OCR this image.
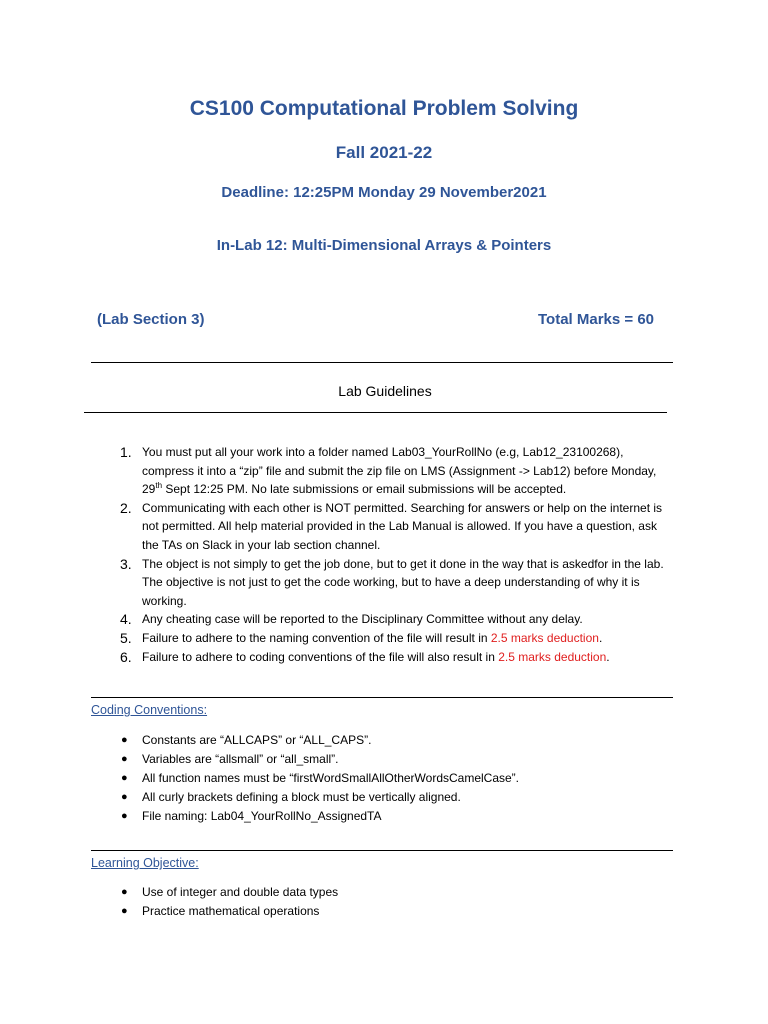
CS100 Computational Problem Solving
Fall 2021-22
Deadline: 12:25PM Monday 29 November2021
In-Lab 12: Multi-Dimensional Arrays & Pointers
(Lab Section 3)	Total Marks = 60
Lab Guidelines
1. You must put all your work into a folder named Lab03_YourRollNo (e.g, Lab12_23100268), compress it into a “zip” file and submit the zip file on LMS (Assignment -> Lab12) before Monday, 29th Sept 12:25 PM. No late submissions or email submissions will be accepted.
2. Communicating with each other is NOT permitted. Searching for answers or help on the internet is not permitted. All help material provided in the Lab Manual is allowed. If you have a question, ask the TAs on Slack in your lab section channel.
3. The object is not simply to get the job done, but to get it done in the way that is askedfor in the lab. The objective is not just to get the code working, but to have a deep understanding of why it is working.
4. Any cheating case will be reported to the Disciplinary Committee without any delay.
5. Failure to adhere to the naming convention of the file will result in 2.5 marks deduction.
6. Failure to adhere to coding conventions of the file will also result in 2.5 marks deduction.
Coding Conventions:
● Constants are “ALLCAPS” or “ALL_CAPS”.
● Variables are “allsmall” or “all_small”.
● All function names must be “firstWordSmallAllOtherWordsCamelCase”.
● All curly brackets defining a block must be vertically aligned.
● File naming: Lab04_YourRollNo_AssignedTA
Learning Objective:
● Use of integer and double data types
● Practice mathematical operations
